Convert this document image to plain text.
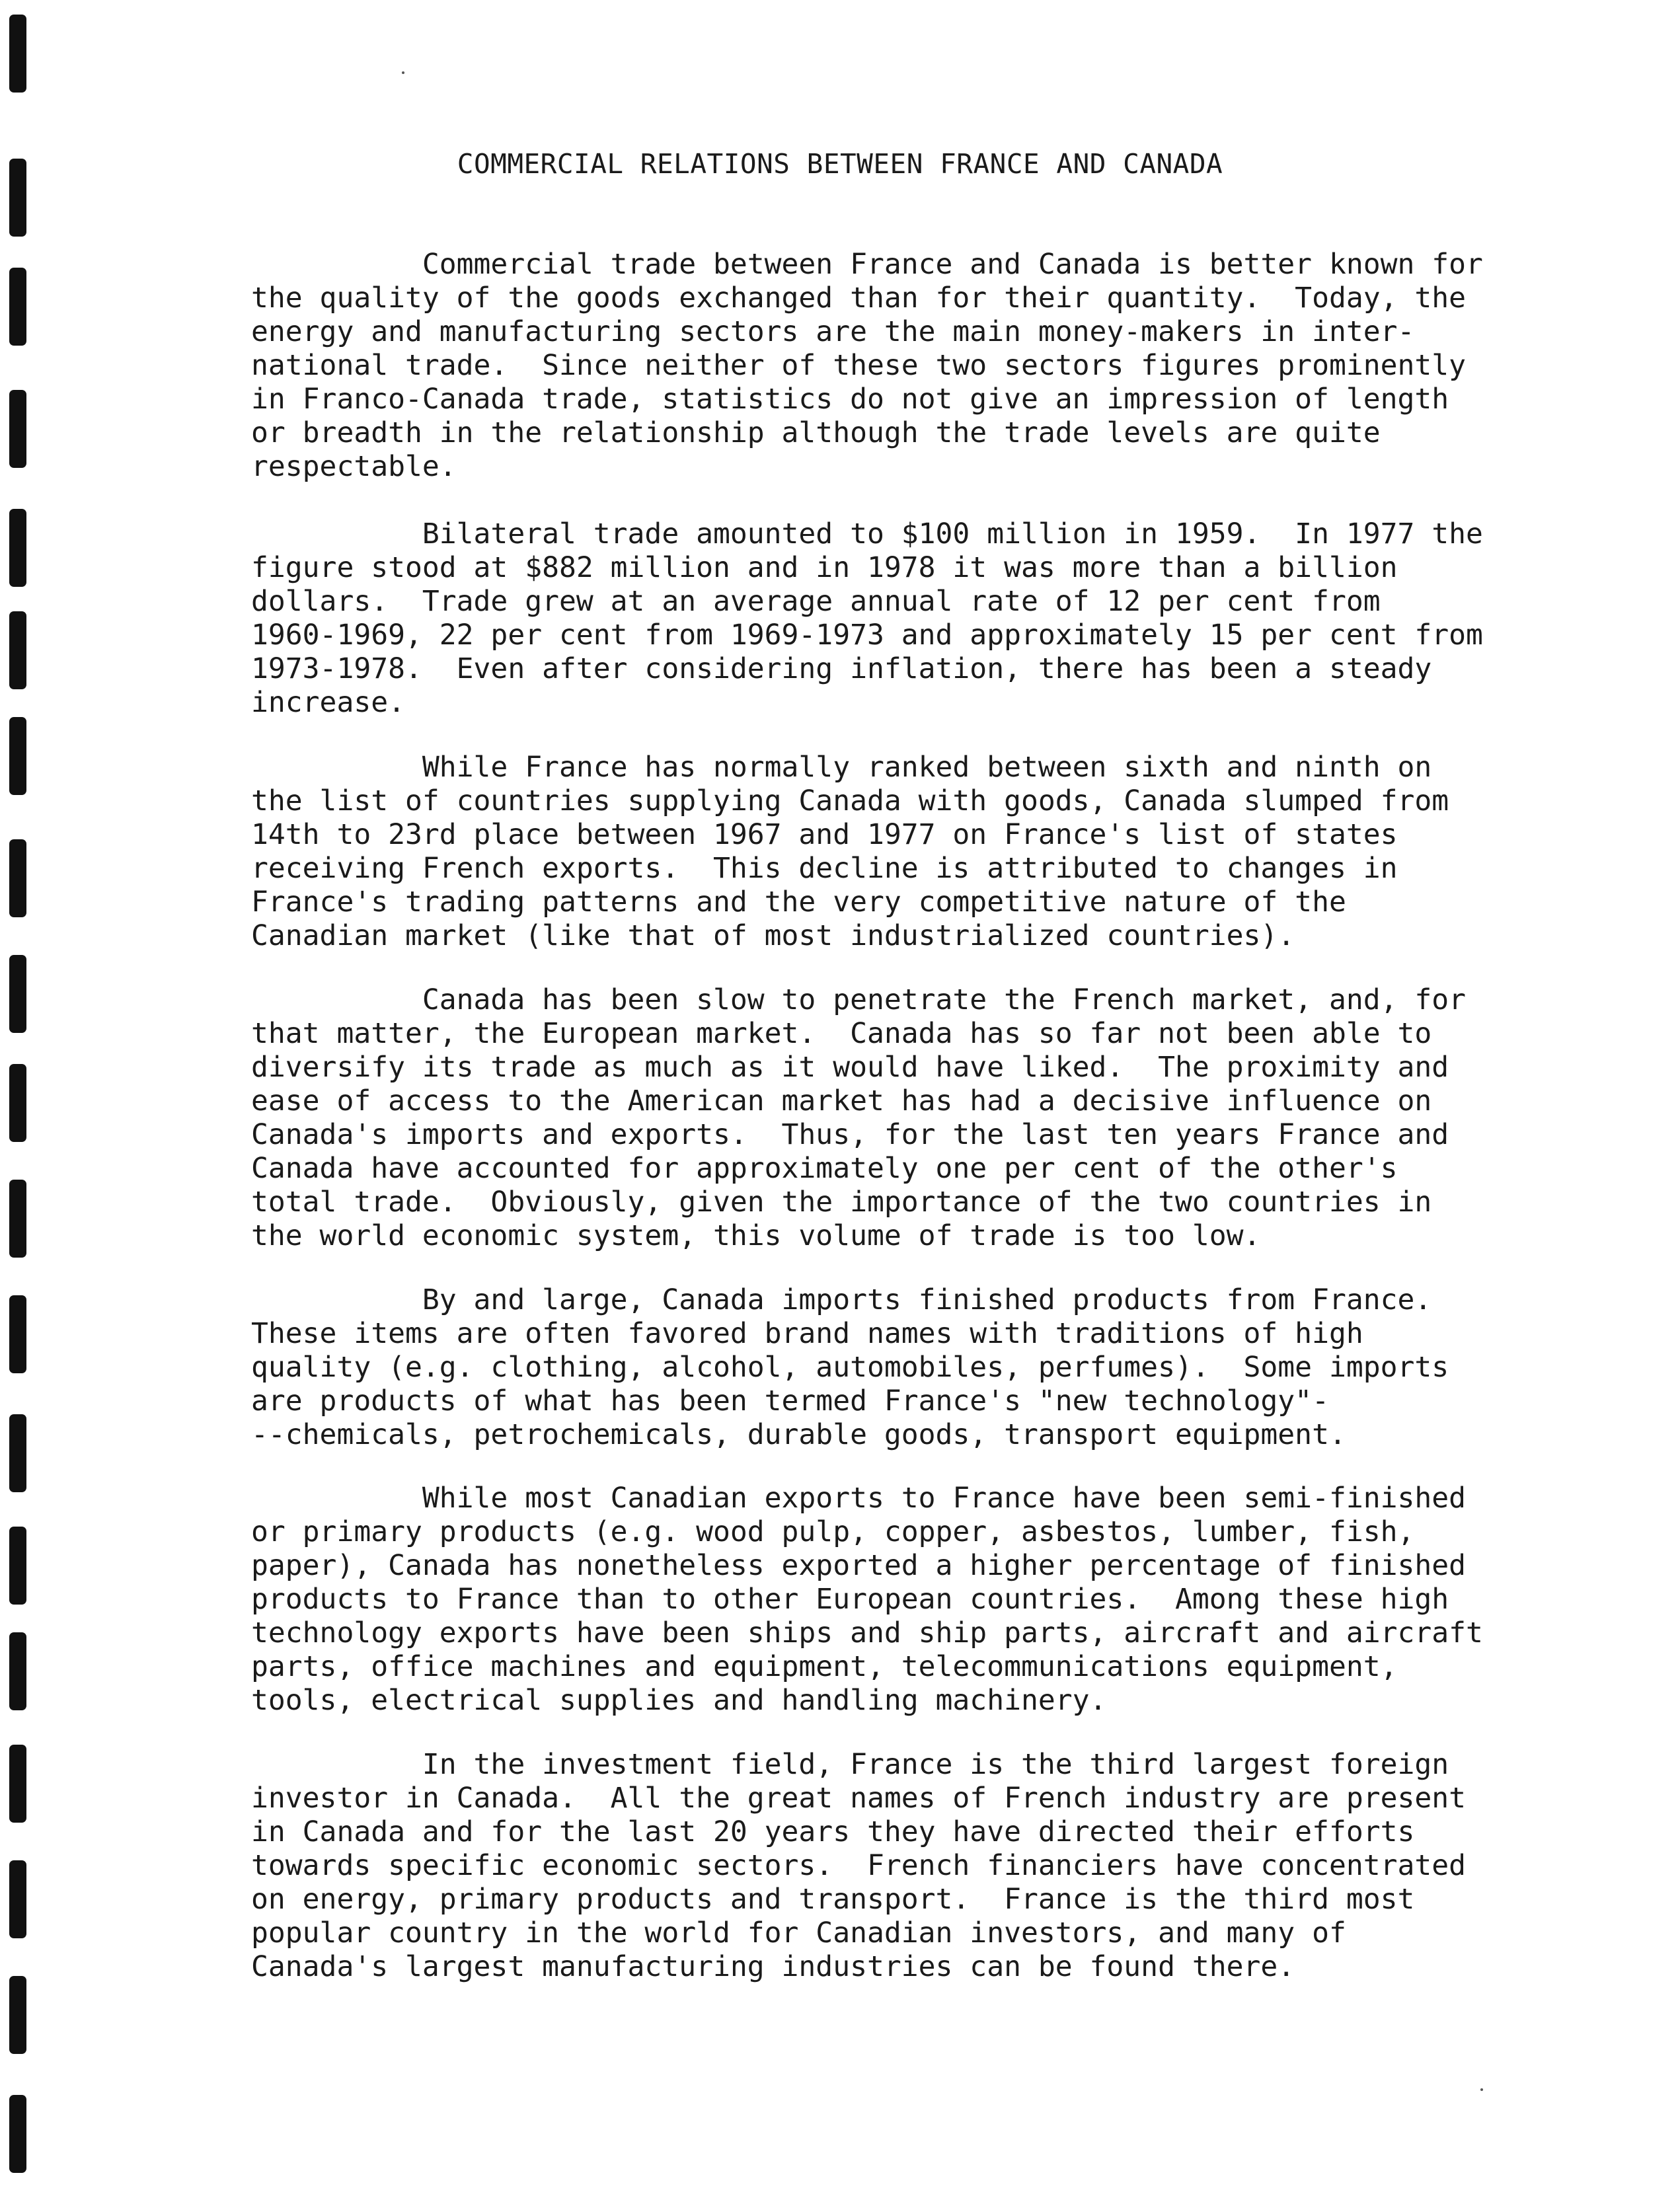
COMMERCIAL RELATIONS BETWEEN FRANCE AND CANADA

Commercial trade between France and Canada is better known for
the quality of the goods exchanged than for their quantity.  Today, the
energy and manufacturing sectors are the main money-makers in inter-
national trade.  Since neither of these two sectors figures prominently
in Franco-Canada trade, statistics do not give an impression of length
or breadth in the relationship although the trade levels are quite
respectable.

Bilateral trade amounted to $100 million in 1959.  In 1977 the
figure stood at $882 million and in 1978 it was more than a billion
dollars.  Trade grew at an average annual rate of 12 per cent from
1960-1969, 22 per cent from 1969-1973 and approximately 15 per cent from
1973-1978.  Even after considering inflation, there has been a steady
increase.

While France has normally ranked between sixth and ninth on
the list of countries supplying Canada with goods, Canada slumped from
14th to 23rd place between 1967 and 1977 on France's list of states
receiving French exports.  This decline is attributed to changes in
France's trading patterns and the very competitive nature of the
Canadian market (like that of most industrialized countries).

Canada has been slow to penetrate the French market, and, for
that matter, the European market.  Canada has so far not been able to
diversify its trade as much as it would have liked.  The proximity and
ease of access to the American market has had a decisive influence on
Canada's imports and exports.  Thus, for the last ten years France and
Canada have accounted for approximately one per cent of the other's
total trade.  Obviously, given the importance of the two countries in
the world economic system, this volume of trade is too low.

By and large, Canada imports finished products from France.
These items are often favored brand names with traditions of high
quality (e.g. clothing, alcohol, automobiles, perfumes).  Some imports
are products of what has been termed France's "new technology"-
--chemicals, petrochemicals, durable goods, transport equipment.

While most Canadian exports to France have been semi-finished
or primary products (e.g. wood pulp, copper, asbestos, lumber, fish,
paper), Canada has nonetheless exported a higher percentage of finished
products to France than to other European countries.  Among these high
technology exports have been ships and ship parts, aircraft and aircraft
parts, office machines and equipment, telecommunications equipment,
tools, electrical supplies and handling machinery.

In the investment field, France is the third largest foreign
investor in Canada.  All the great names of French industry are present
in Canada and for the last 20 years they have directed their efforts
towards specific economic sectors.  French financiers have concentrated
on energy, primary products and transport.  France is the third most
popular country in the world for Canadian investors, and many of
Canada's largest manufacturing industries can be found there.
